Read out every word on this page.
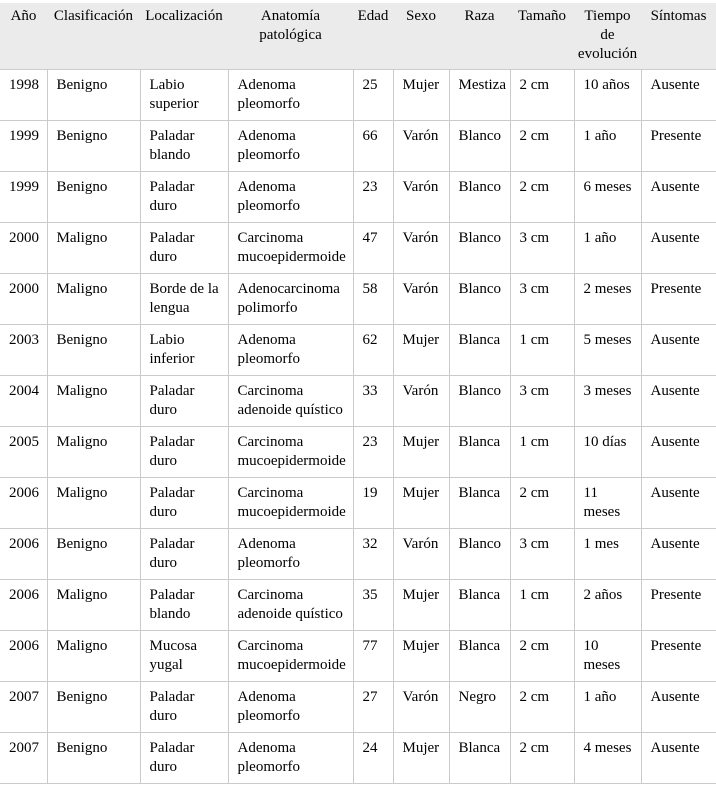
Año	Clasificación	Localización	Anatomía patológica	Edad	Sexo	Raza	Tamaño	Tiempo de evolución	Síntomas
1998	Benigno	Labio superior	Adenoma pleomorfo	25	Mujer	Mestiza	2 cm	10 años	Ausente
1999	Benigno	Paladar blando	Adenoma pleomorfo	66	Varón	Blanco	2 cm	1 año	Presente
1999	Benigno	Paladar duro	Adenoma pleomorfo	23	Varón	Blanco	2 cm	6 meses	Ausente
2000	Maligno	Paladar duro	Carcinoma mucoepidermoide	47	Varón	Blanco	3 cm	1 año	Ausente
2000	Maligno	Borde de la lengua	Adenocarcinoma polimorfo	58	Varón	Blanco	3 cm	2 meses	Presente
2003	Benigno	Labio inferior	Adenoma pleomorfo	62	Mujer	Blanca	1 cm	5 meses	Ausente
2004	Maligno	Paladar duro	Carcinoma adenoide quístico	33	Varón	Blanco	3 cm	3 meses	Ausente
2005	Maligno	Paladar duro	Carcinoma mucoepidermoide	23	Mujer	Blanca	1 cm	10 días	Ausente
2006	Maligno	Paladar duro	Carcinoma mucoepidermoide	19	Mujer	Blanca	2 cm	11 meses	Ausente
2006	Benigno	Paladar duro	Adenoma pleomorfo	32	Varón	Blanco	3 cm	1 mes	Ausente
2006	Maligno	Paladar blando	Carcinoma adenoide quístico	35	Mujer	Blanca	1 cm	2 años	Presente
2006	Maligno	Mucosa yugal	Carcinoma mucoepidermoide	77	Mujer	Blanca	2 cm	10 meses	Presente
2007	Benigno	Paladar duro	Adenoma pleomorfo	27	Varón	Negro	2 cm	1 año	Ausente
2007	Benigno	Paladar duro	Adenoma pleomorfo	24	Mujer	Blanca	2 cm	4 meses	Ausente
